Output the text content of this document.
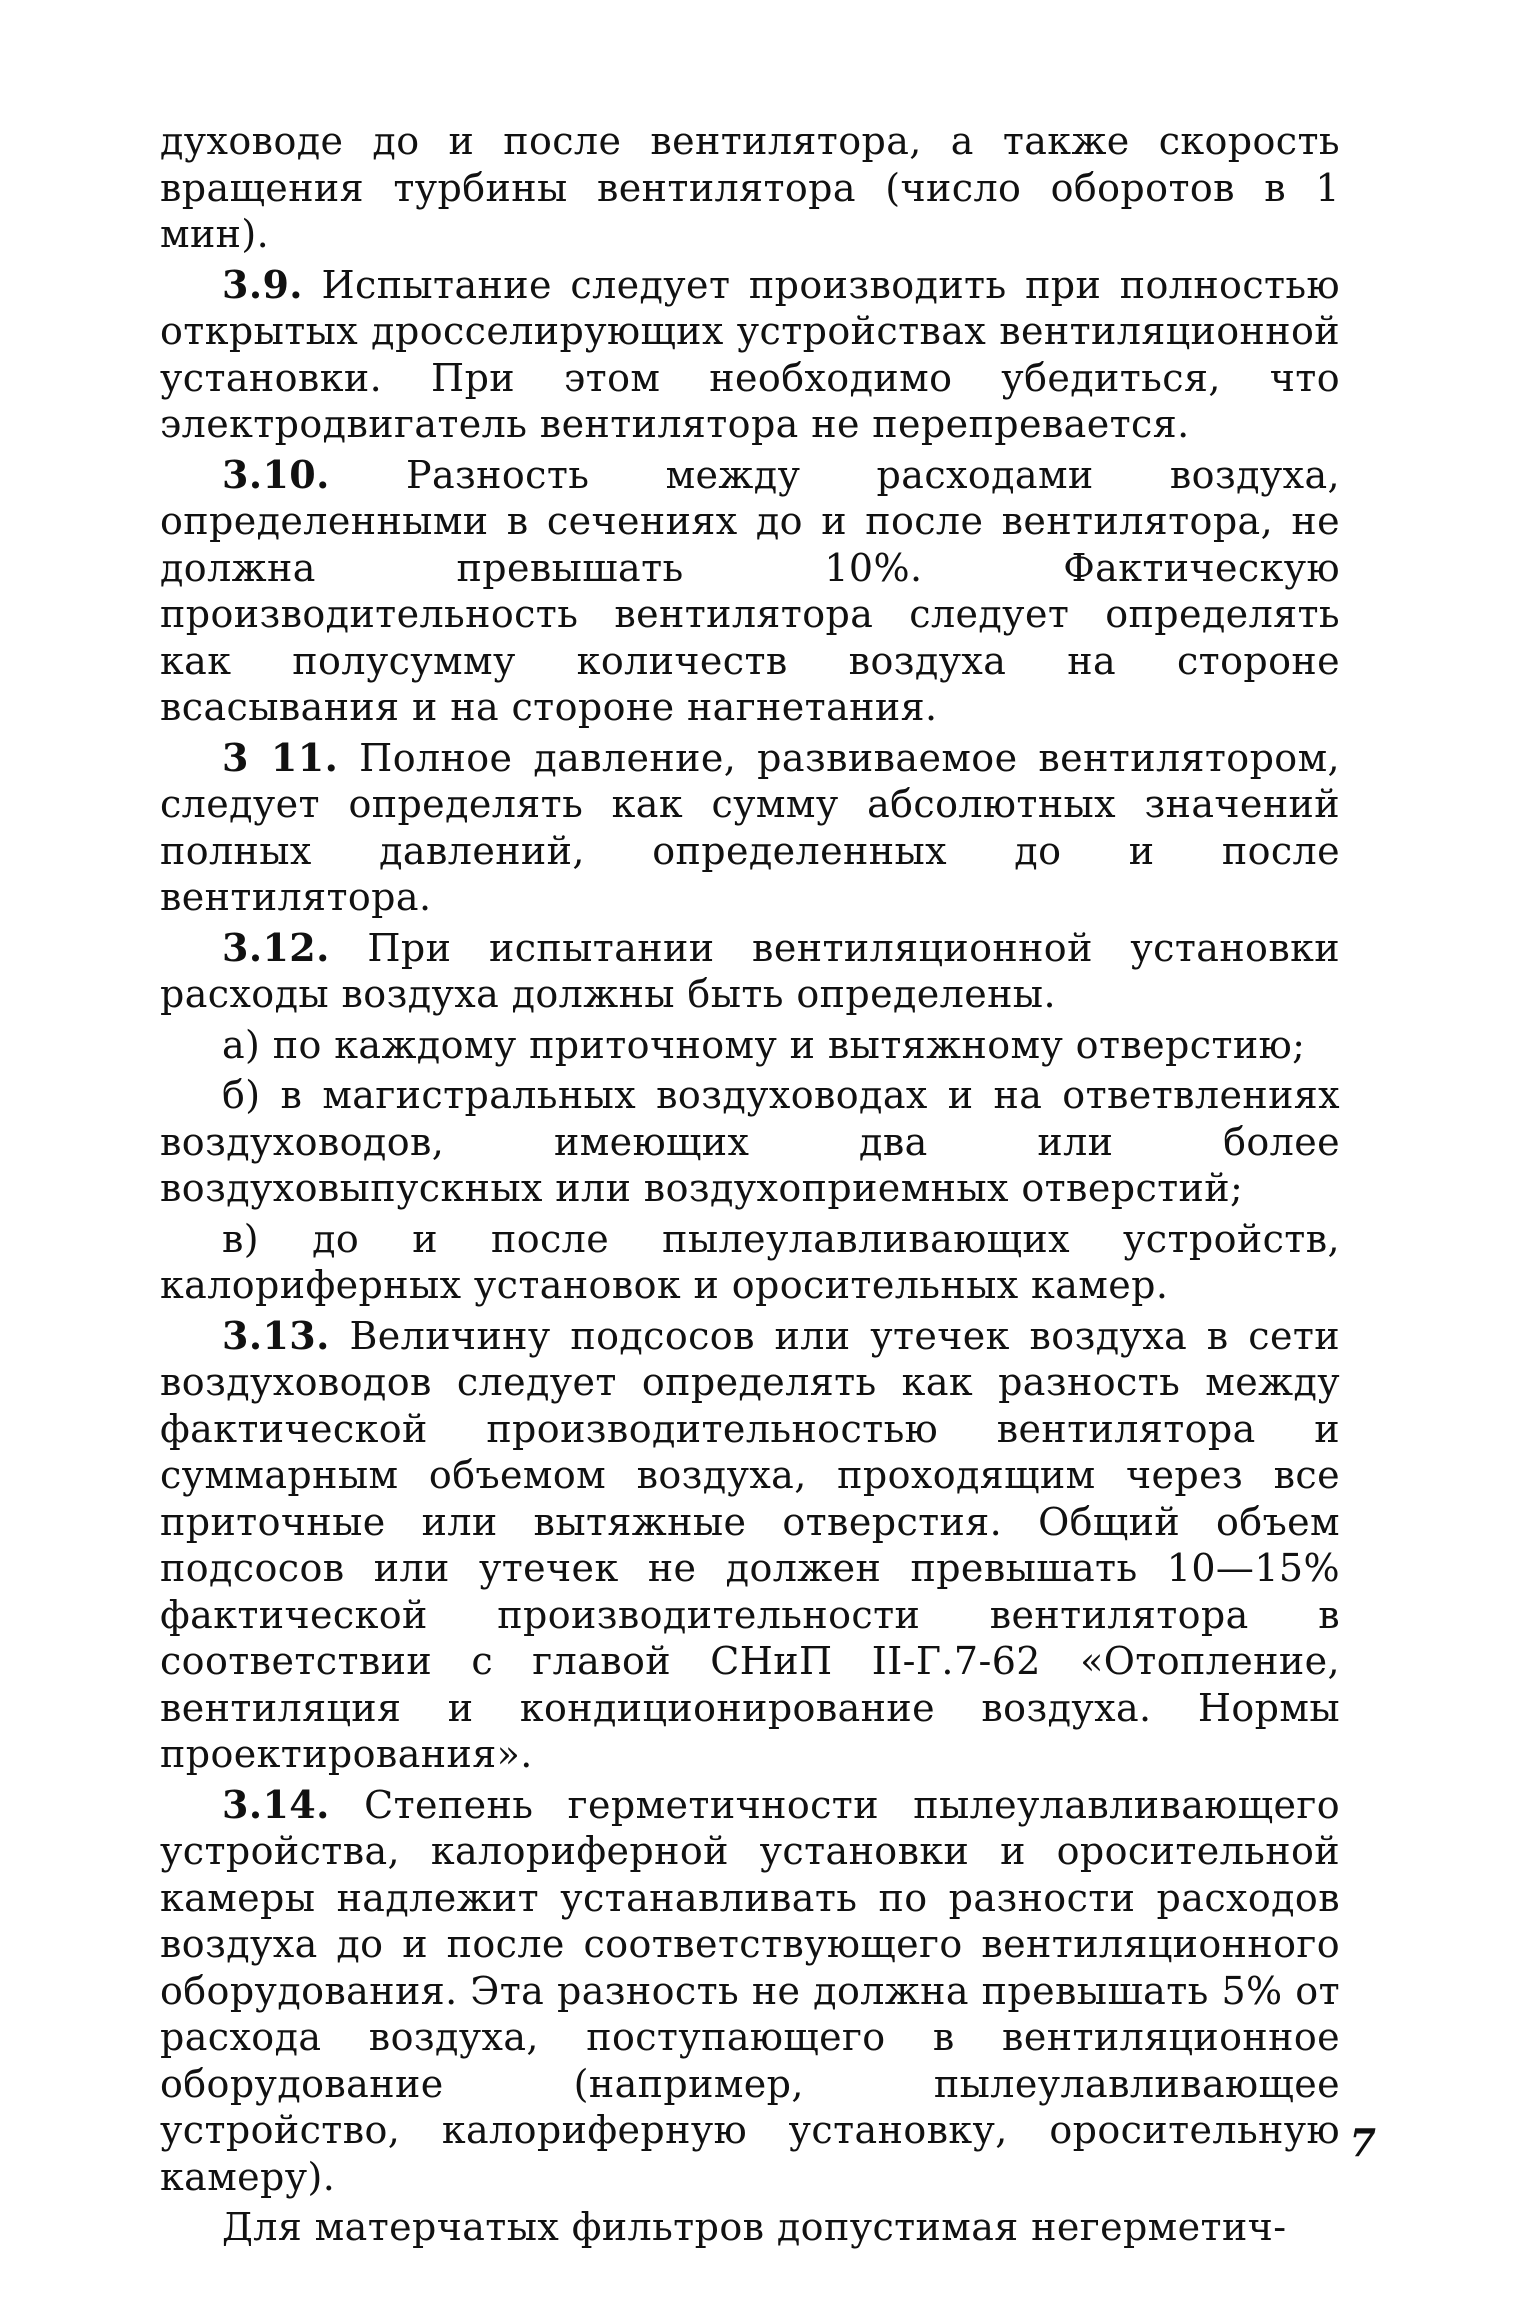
духоводе до и после вентилятора, а также скорость вращения турбины вентилятора (число оборотов в 1 мин).

3.9. Испытание следует производить при полностью открытых дросселирующих устройствах вентиляционной установки. При этом необходимо убедиться, что электродвигатель вентилятора не перепревается.

3.10. Разность между расходами воздуха, определенными в сечениях до и после вентилятора, не должна превышать 10%. Фактическую производительность вентилятора следует определять как полусумму количеств воздуха на стороне всасывания и на стороне нагнетания.

3 11. Полное давление, развиваемое вентилятором, следует определять как сумму абсолютных значений полных давлений, определенных до и после вентилятора.

3.12. При испытании вентиляционной установки расходы воздуха должны быть определены.

а) по каждому приточному и вытяжному отверстию;

б) в магистральных воздуховодах и на ответвлениях воздуховодов, имеющих два или более воздуховыпускных или воздухоприемных отверстий;

в) до и после пылеулавливающих устройств, калориферных установок и оросительных камер.

3.13. Величину подсосов или утечек воздуха в сети воздуховодов следует определять как разность между фактической производительностью вентилятора и суммарным объемом воздуха, проходящим через все приточные или вытяжные отверстия. Общий объем подсосов или утечек не должен превышать 10—15% фактической производительности вентилятора в соответствии с главой СНиП II-Г.7-62 «Отопление, вентиляция и кондиционирование воздуха. Нормы проектирования».

3.14. Степень герметичности пылеулавливающего устройства, калориферной установки и оросительной камеры надлежит устанавливать по разности расходов воздуха до и после соответствующего вентиляционного оборудования. Эта разность не должна превышать 5% от расхода воздуха, поступающего в вентиляционное оборудование (например, пылеулавливающее устройство, калориферную установку, оросительную камеру).

Для матерчатых фильтров допустимая негерметич-

7
